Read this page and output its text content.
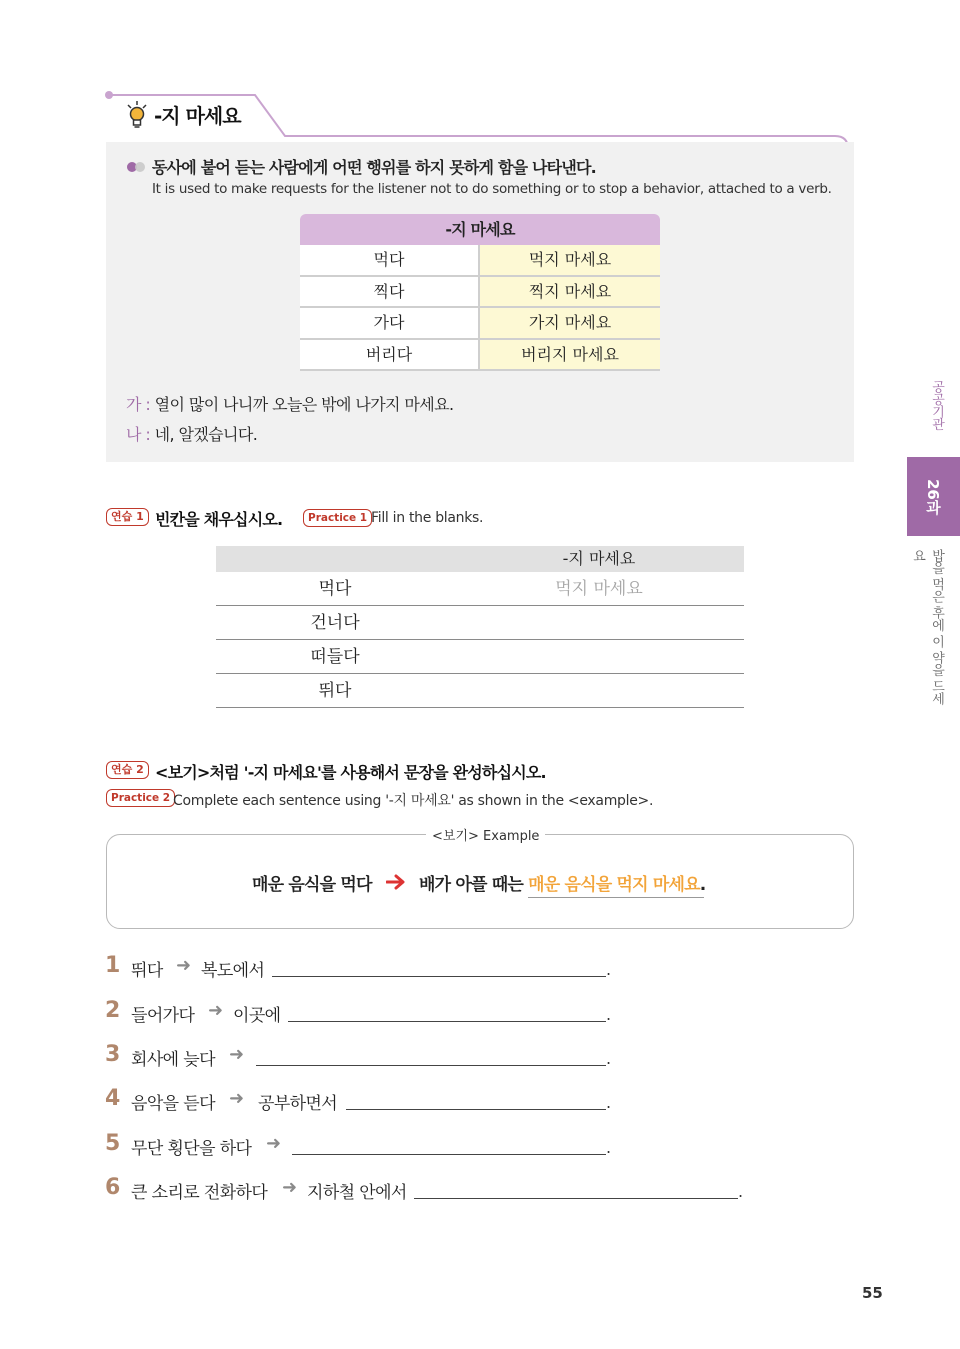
-지 마세요
동사에 붙어 듣는 사람에게 어떤 행위를 하지 못하게 함을 나타낸다.
It is used to make requests for the listener not to do something or to stop a behavior, attached to a verb.
-지 마세요
먹다	먹지 마세요
찍다	찍지 마세요
가다	가지 마세요
버리다	버리지 마세요
가 : 열이 많이 나니까 오늘은 밖에 나가지 마세요.
나 : 네, 알겠습니다.
연습 1 빈칸을 채우십시오.	Practice 1 Fill in the blanks.
-지 마세요
먹다	먹지 마세요
건너다
떠들다
뛰다
연습 2 <보기>처럼 '-지 마세요'를 사용해서 문장을 완성하십시오.
Practice 2 Complete each sentence using '-지 마세요' as shown in the <example>.
<보기> Example
매운 음식을 먹다	배가 아플 때는 매운 음식을 먹지 마세요.
1 뛰다 ➜ 복도에서	.
2 들어가다 ➜ 이곳에	.
3 회사에 늦다 ➜	.
4 음악을 듣다 ➜ 공부하면서	.
5 무단 횡단을 하다 ➜	.
6 큰 소리로 전화하다 ➜ 지하철 안에서	.
공공기관
26과
밥을 먹은 후에 이 약을 드세요
55
